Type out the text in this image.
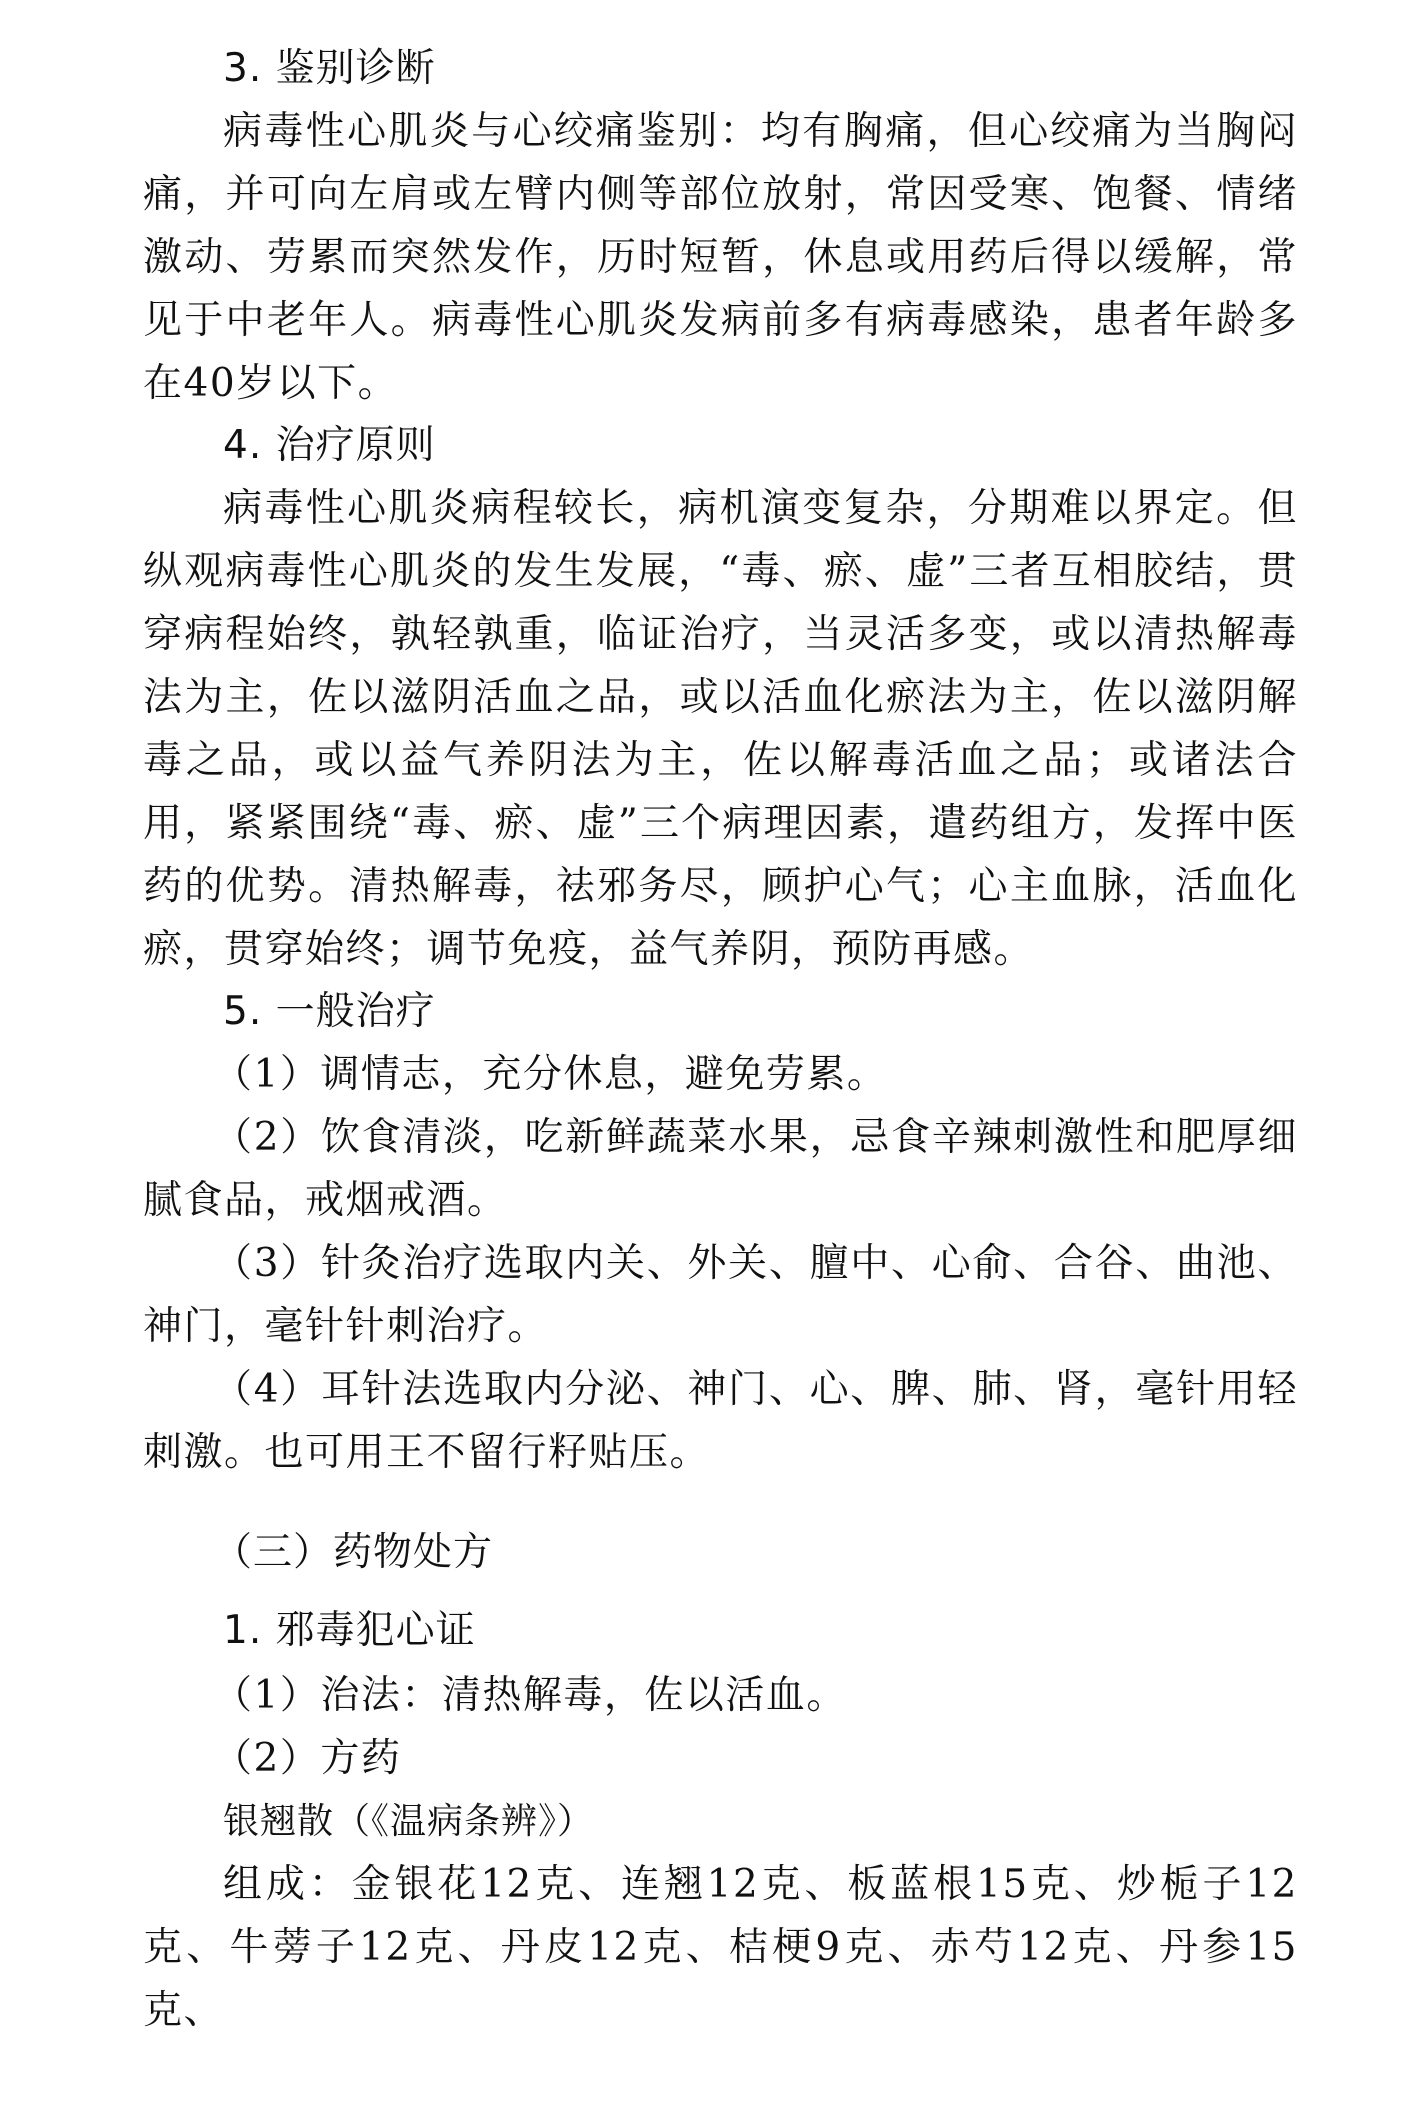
3. 鉴别诊断

病毒性心肌炎与心绞痛鉴别：均有胸痛，但心绞痛为当胸闷痛，并可向左肩或左臂内侧等部位放射，常因受寒、饱餐、情绪激动、劳累而突然发作，历时短暂，休息或用药后得以缓解，常见于中老年人。病毒性心肌炎发病前多有病毒感染，患者年龄多在40岁以下。

4. 治疗原则

病毒性心肌炎病程较长，病机演变复杂，分期难以界定。但纵观病毒性心肌炎的发生发展，“毒、瘀、虚”三者互相胶结，贯穿病程始终，孰轻孰重，临证治疗，当灵活多变，或以清热解毒法为主，佐以滋阴活血之品，或以活血化瘀法为主，佐以滋阴解毒之品，或以益气养阴法为主，佐以解毒活血之品；或诸法合用，紧紧围绕“毒、瘀、虚”三个病理因素，遣药组方，发挥中医药的优势。清热解毒，祛邪务尽，顾护心气；心主血脉，活血化瘀，贯穿始终；调节免疫，益气养阴，预防再感。

5. 一般治疗

（1）调情志，充分休息，避免劳累。

（2）饮食清淡，吃新鲜蔬菜水果，忌食辛辣刺激性和肥厚细腻食品，戒烟戒酒。

（3）针灸治疗选取内关、外关、膻中、心俞、合谷、曲池、神门，毫针针刺治疗。

（4）耳针法选取内分泌、神门、心、脾、肺、肾，毫针用轻刺激。也可用王不留行籽贴压。

（三）药物处方

1. 邪毒犯心证

（1）治法：清热解毒，佐以活血。

（2）方药

银翘散（《温病条辨》）

组成：金银花12克、连翘12克、板蓝根15克、炒栀子12克、牛蒡子12克、丹皮12克、桔梗9克、赤芍12克、丹参15克、
